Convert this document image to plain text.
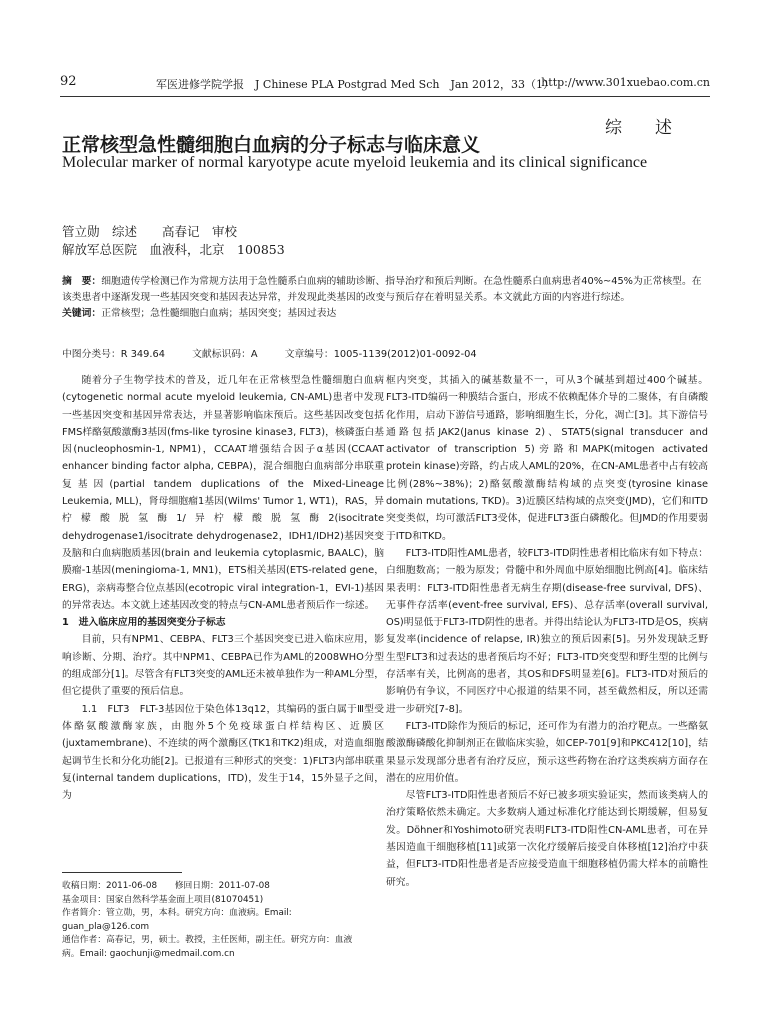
92	军医进修学院学报　J Chinese PLA Postgrad Med Sch　Jan 2012，33（1）
http://www.301xuebao.com.cn
综　述
正常核型急性髓细胞白血病的分子标志与临床意义
Molecular marker of normal karyotype acute myeloid leukemia and its clinical significance
管立勋　综述　　高春记　审校
解放军总医院　血液科，北京　100853
摘　要：细胞遗传学检测已作为常规方法用于急性髓系白血病的辅助诊断、指导治疗和预后判断。在急性髓系白血病患者40%~45%为正常核型。在该类患者中逐渐发现一些基因突变和基因表达异常，并发现此类基因的改变与预后存在着明显关系。本文就此方面的内容进行综述。
关键词：正常核型；急性髓细胞白血病；基因突变；基因过表达
中图分类号：R 349.64	文献标识码：A	文章编号：1005-1139(2012)01-0092-04

随着分子生物学技术的普及，近几年在正常核型急性髓细胞白血病(cytogenetic normal acute myeloid leukemia, CN-AML)患者中发现一些基因突变和基因异常表达，并显著影响临床预后。这些基因改变包括FMS样酪氨酸激酶3基因(fms-like tyrosine kinase3, FLT3)，核磷蛋白基因(nucleophosmin-1, NPM1)，CCAAT增强结合因子α基因(CCAAT enhancer binding factor alpha, CEBPA)，混合细胞白血病部分串联重复基因(partial tandem duplications of the Mixed-Lineage Leukemia, MLL)，肾母细胞瘤1基因(Wilms' Tumor 1, WT1)，RAS，异柠檬酸脱氢酶1/异柠檬酸脱氢酶2(isocitrate dehydrogenase1/isocitrate dehydrogenase2，IDH1/IDH2)基因突变及脑和白血病胞质基因(brain and leukemia cytoplasmic, BAALC)，脑膜瘤-1基因(meningioma-1, MN1)，ETS相关基因(ETS-related gene，ERG)，亲病毒整合位点基因(ecotropic viral integration-1，EVI-1)基因的异常表达。本文就上述基因改变的特点与CN-AML患者预后作一综述。

1　进入临床应用的基因突变分子标志

目前，只有NPM1、CEBPA、FLT3三个基因突变已进入临床应用，影响诊断、分期、治疗。其中NPM1、CEBPA已作为AML的2008WHO分型的组成部分[1]。尽管含有FLT3突变的AML还未被单独作为一种AML分型，但它提供了重要的预后信息。

1.1　FLT3　FLT-3基因位于染色体13q12，其编码的蛋白属于Ⅲ型受体酪氨酸激酶家族，由胞外5个免疫球蛋白样结构区、近膜区(juxtamembrane)、不连续的两个激酶区(TK1和TK2)组成，对造血细胞起调节生长和分化功能[2]。已报道有三种形式的突变：1)FLT3内部串联重复(internal tandem duplications，ITD)，发生于14，15外显子之间，为

框内突变，其插入的碱基数量不一，可从3个碱基到超过400个碱基。FLT3-ITD编码一种膜结合蛋白，形成不依赖配体介导的二聚体，有自磷酸化作用，启动下游信号通路，影响细胞生长，分化，凋亡[3]。其下游信号通路包括JAK2(Janus kinase 2)、STAT5(signal transducer and activator of transcription 5)旁路和MAPK(mitogen activated protein kinase)旁路，约占成人AML的20%，在CN-AML患者中占有较高比例(28%~38%)；2)酪氨酸激酶结构域的点突变(tyrosine kinase domain mutations, TKD)。3)近膜区结构域的点突变(JMD)，它们和ITD突变类似，均可激活FLT3受体，促进FLT3蛋白磷酸化。但JMD的作用要弱于ITD和TKD。

FLT3-ITD阳性AML患者，较FLT3-ITD阴性患者相比临床有如下特点：白细胞数高；一般为原发；骨髓中和外周血中原始细胞比例高[4]。临床结果表明：FLT3-ITD阳性患者无病生存期(disease-free survival, DFS)、无事件存活率(event-free survival, EFS)、总存活率(overall survival, OS)明显低于FLT3-ITD阴性的患者。并得出结论认为FLT3-ITD是OS，疾病复发率(incidence of relapse, IR)独立的预后因素[5]。另外发现缺乏野生型FLT3和过表达的患者预后均不好；FLT3-ITD突变型和野生型的比例与存活率有关，比例高的患者，其OS和DFS明显差[6]。FLT3-ITD对预后的影响仍有争议，不同医疗中心报道的结果不同，甚至截然相反，所以还需进一步研究[7-8]。

FLT3-ITD除作为预后的标记，还可作为有潜力的治疗靶点。一些酪氨酸激酶磷酸化抑制剂正在做临床实验，如CEP-701[9]和PKC412[10]，结果显示发现部分患者有治疗反应，预示这些药物在治疗这类疾病方面存在潜在的应用价值。

尽管FLT3-ITD阳性患者预后不好已被多项实验证实，然而该类病人的治疗策略依然未确定。大多数病人通过标准化疗能达到长期缓解，但易复发。Döhner和Yoshimoto研究表明FLT3-ITD阳性CN-AML患者，可在异基因造血干细胞移植[11]或第一次化疗缓解后接受自体移植[12]治疗中获益，但FLT3-ITD阳性患者是否应接受造血干细胞移植仍需大样本的前瞻性研究。

收稿日期：2011-06-08　　修回日期：2011-07-08
基金项目：国家自然科学基金面上项目(81070451)
作者简介：管立勋，男，本科。研究方向：血液病。Email: guan_pla@126.com
通信作者：高春记，男，硕士。教授，主任医师，副主任。研究方向：血液病。Email: gaochunji@medmail.com.cn
